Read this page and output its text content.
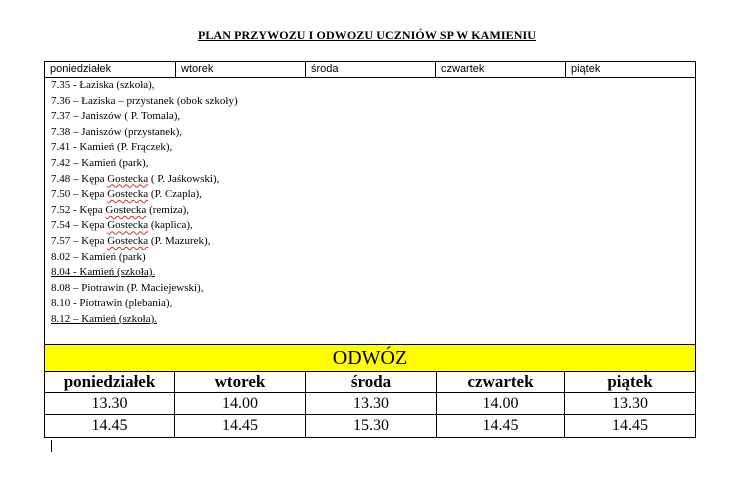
PLAN PRZYWOZU I ODWOZU UCZNIÓW SP W KAMIENIU
poniedziałek	wtorek	środa	czwartek	piątek
7.35 - Łaziska (szkoła),
7.36 – Łaziska – przystanek (obok szkoły)
7.37 – Janiszów ( P. Tomala),
7.38 – Janiszów (przystanek),
7.41 - Kamień (P. Frączek),
7.42 – Kamień (park),
7.48 – Kępa Gostecka ( P. Jaśkowski),
7.50 – Kępa Gostecka (P. Czapla),
7.52 - Kępa Gostecka (remiza),
7.54 – Kępa Gostecka (kaplica),
7.57 – Kępa Gostecka (P. Mazurek),
8.02 – Kamień (park)
8.04 - Kamień (szkoła).
8.08 – Piotrawin (P. Maciejewski),
8.10 - Piotrawin (plebania),
8.12 – Kamień (szkoła).
ODWÓZ
poniedziałek	wtorek	środa	czwartek	piątek
13.30	14.00	13.30	14.00	13.30
14.45	14.45	15.30	14.45	14.45
